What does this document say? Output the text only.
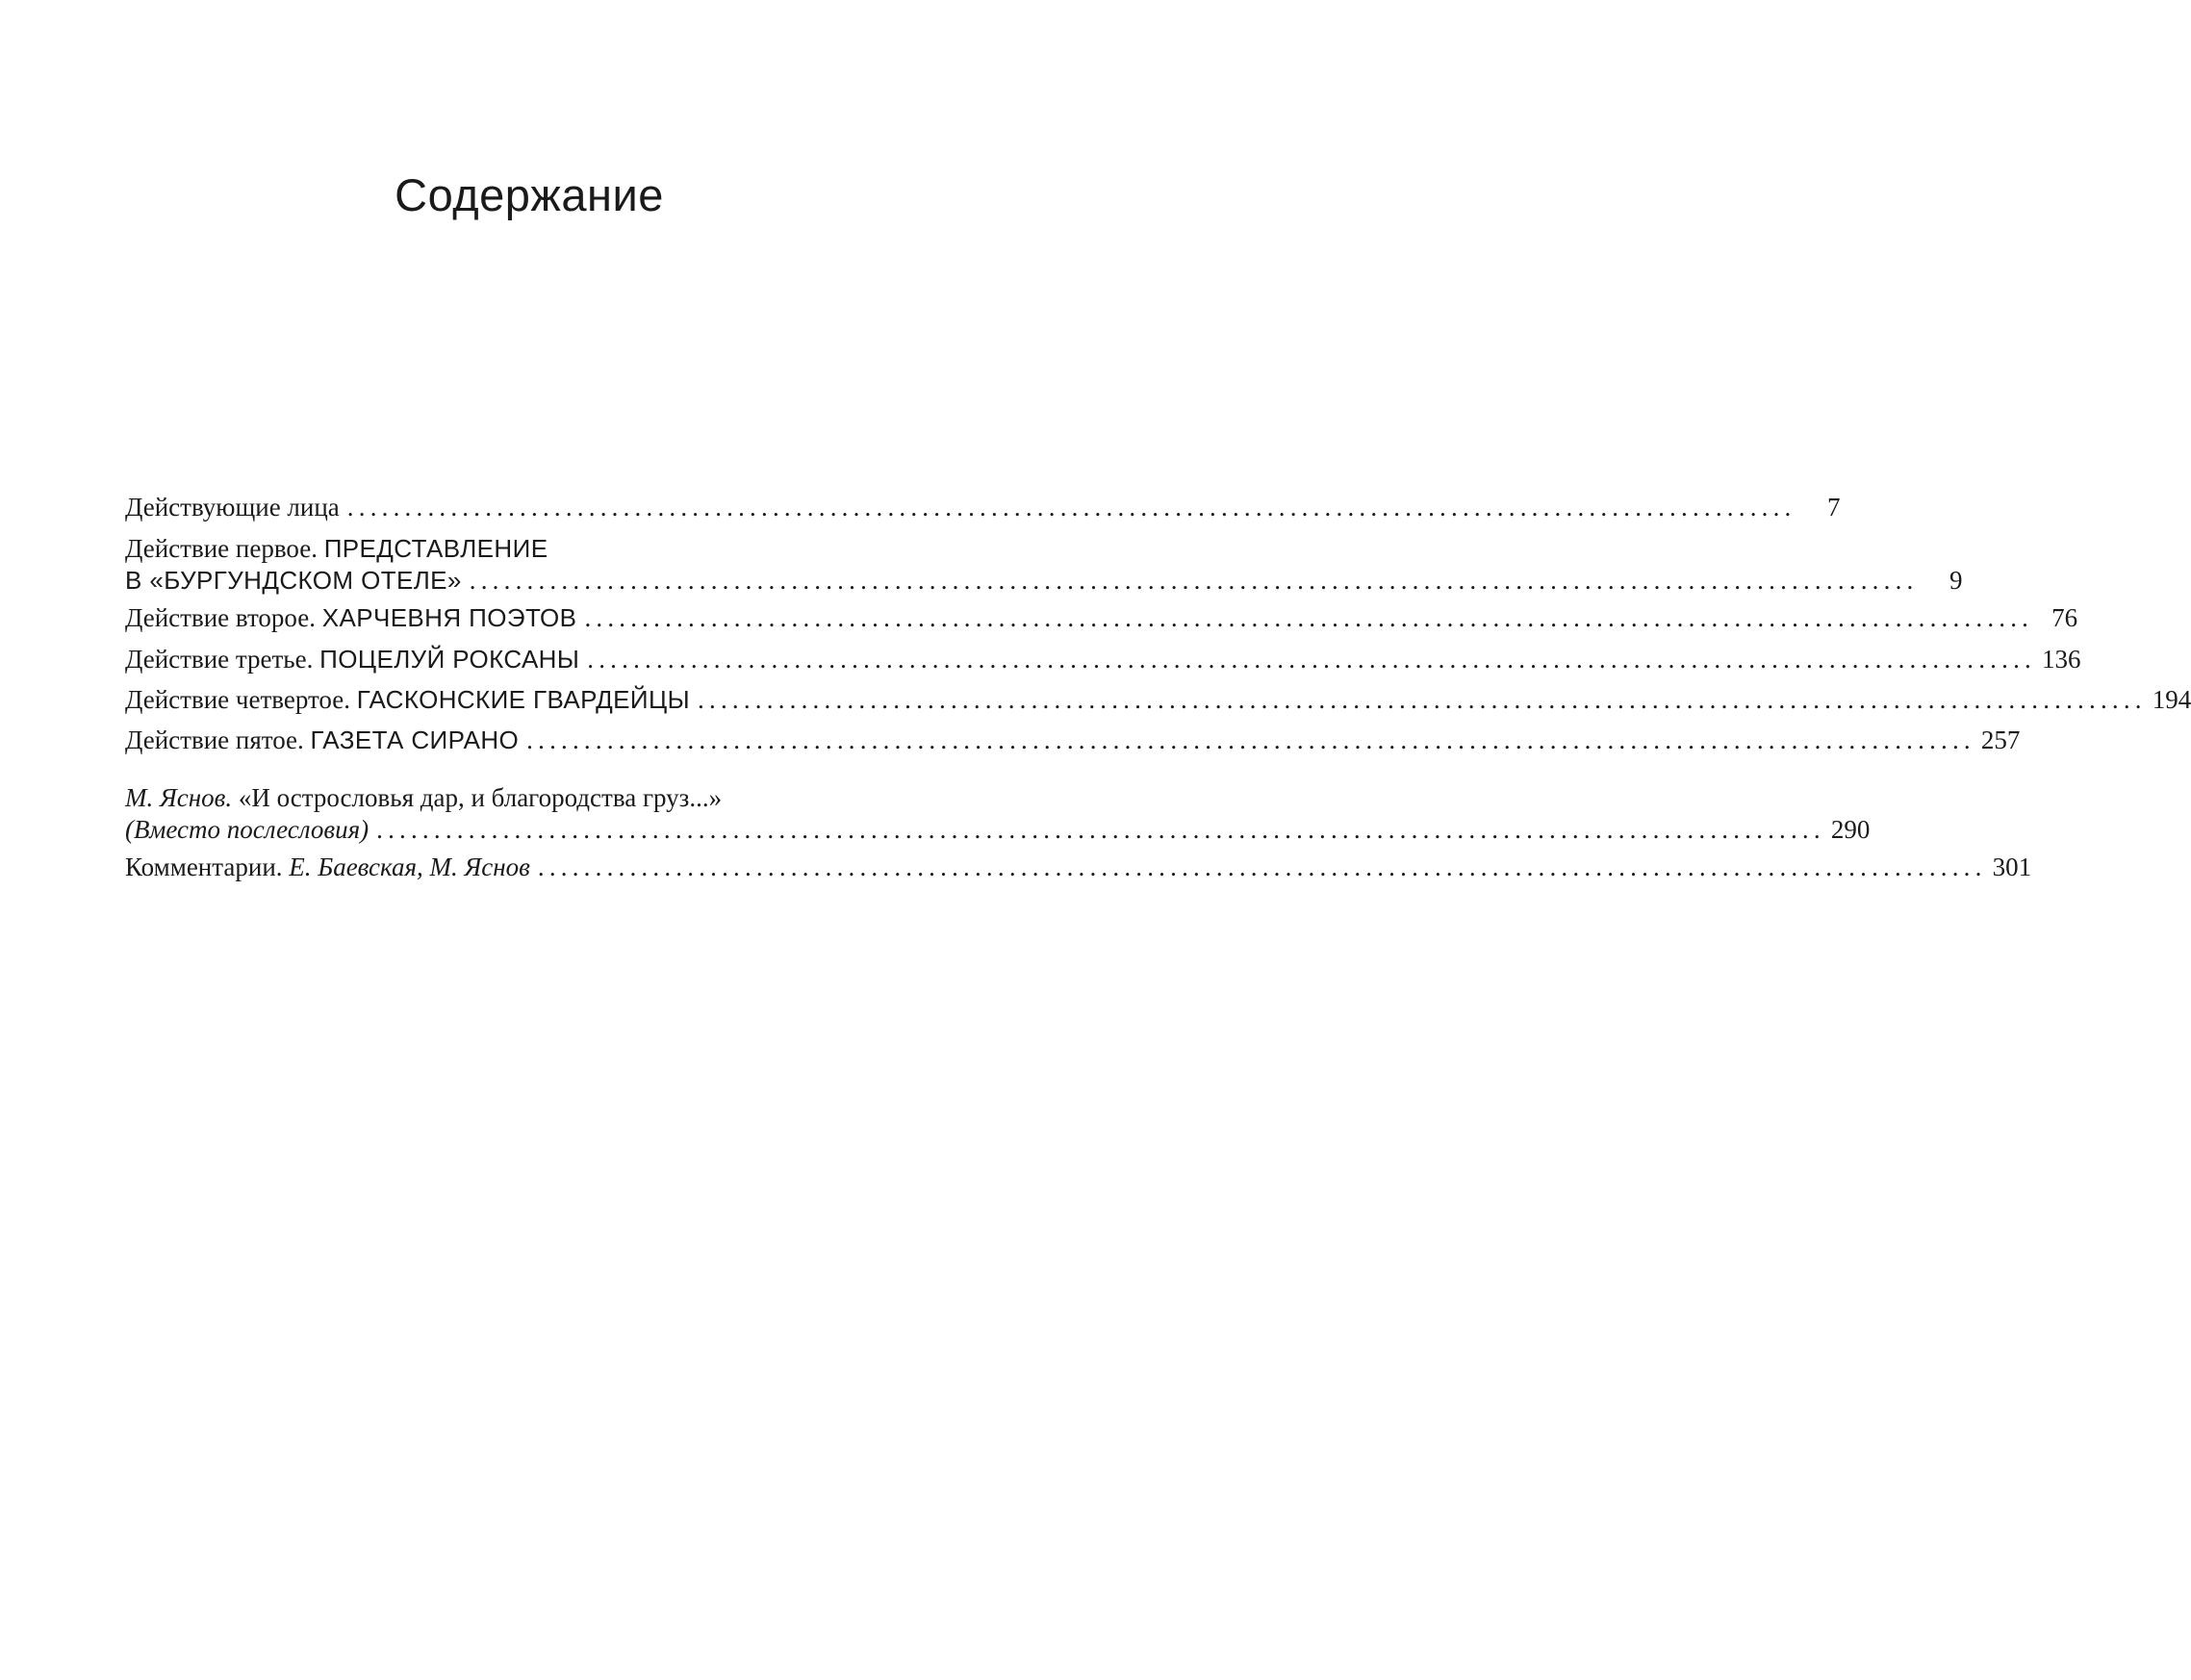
Содержание
Действующие лица ..............................................................................................................................	7
Действие первое. ПРЕДСТАВЛЕНИЕ
В «БУРГУНДСКОМ ОТЕЛЕ» ..............................................................................................................................	9
Действие второе. ХАРЧЕВНЯ ПОЭТОВ .............................................................................................................................. 76
Действие третье. ПОЦЕЛУЙ РОКСАНЫ .............................................................................................................................. 136
Действие четвертое. ГАСКОНСКИЕ ГВАРДЕЙЦЫ .............................................................................................................................. 194
Действие пятое. ГАЗЕТА СИРАНО .............................................................................................................................. 257
М. Яснов. «И острословья дар, и благородства груз...»
(Вместо послесловия) .............................................................................................................................. 290
Комментарии. Е. Баевская, М. Яснов .............................................................................................................................. 301
